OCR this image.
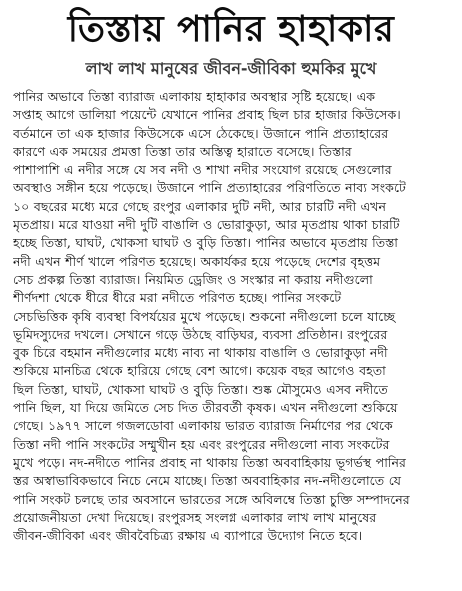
তিস্তায় পানির হাহাকার
লাখ লাখ মানুষের জীবন-জীবিকা হুমকির মুখে

পানির অভাবে তিস্তা ব্যারাজ এলাকায় হাহাকার অবস্থার সৃষ্টি হয়েছে। এক
সপ্তাহ আগে ডালিয়া পয়েন্টে যেখানে পানির প্রবাহ ছিল চার হাজার কিউসেক।
বর্তমানে তা এক হাজার কিউসেকে এসে ঠেকেছে। উজানে পানি প্রত্যাহারের
কারণে এক সময়ের প্রমত্তা তিস্তা তার অস্তিত্ব হারাতে বসেছে। তিস্তার
পাশাপাশি এ নদীর সঙ্গে যে সব নদী ও শাখা নদীর সংযোগ রয়েছে সেগুলোর
অবস্থাও সঙ্গীন হয়ে পড়েছে। উজানে পানি প্রত্যাহারের পরিণতিতে নাব্য সংকটে
১০ বছরের মধ্যে মরে গেছে রংপুর এলাকার দুটি নদী, আর চারটি নদী এখন
মৃতপ্রায়। মরে যাওয়া নদী দুটি বাঙালি ও ভোরাকুড়া, আর মৃতপ্রায় থাকা চারটি
হচ্ছে তিস্তা, ঘাঘট, খোকসা ঘাঘট ও বুড়ি তিস্তা। পানির অভাবে মৃতপ্রায় তিস্তা
নদী এখন শীর্ণ খালে পরিণত হয়েছে। অকার্যকর হয়ে পড়েছে দেশের বৃহত্তম
সেচ প্রকল্প তিস্তা ব্যারাজ। নিয়মিত ড্রেজিং ও সংস্কার না করায় নদীগুলো
শীর্ণদশা থেকে ধীরে ধীরে মরা নদীতে পরিণত হচ্ছে। পানির সংকটে
সেচভিত্তিক কৃষি ব্যবস্থা বিপর্যয়ের মুখে পড়েছে। শুকনো নদীগুলো চলে যাচ্ছে
ভূমিদস্যুদের দখলে। সেখানে গড়ে উঠছে বাড়িঘর, ব্যবসা প্রতিষ্ঠান। রংপুরের
বুক চিরে বহমান নদীগুলোর মধ্যে নাব্য না থাকায় বাঙালি ও ভোরাকুড়া নদী
শুকিয়ে মানচিত্র থেকে হারিয়ে গেছে বেশ আগে। কয়েক বছর আগেও বহতা
ছিল তিস্তা, ঘাঘট, খোকসা ঘাঘট ও বুড়ি তিস্তা। শুষ্ক মৌসুমেও এসব নদীতে
পানি ছিল, যা দিয়ে জমিতে সেচ দিত তীরবর্তী কৃষক। এখন নদীগুলো শুকিয়ে
গেছে। ১৯৭৭ সালে গজলডোবা এলাকায় ভারত ব্যারাজ নির্মাণের পর থেকে
তিস্তা নদী পানি সংকটের সম্মুখীন হয় এবং রংপুরের নদীগুলো নাব্য সংকটের
মুখে পড়ে। নদ-নদীতে পানির প্রবাহ না থাকায় তিস্তা অববাহিকায় ভূগর্ভস্থ পানির
স্তর অস্বাভাবিকভাবে নিচে নেমে যাচ্ছে। তিস্তা অববাহিকার নদ-নদীগুলোতে যে
পানি সংকট চলছে তার অবসানে ভারতের সঙ্গে অবিলম্বে তিস্তা চুক্তি সম্পাদনের
প্রয়োজনীয়তা দেখা দিয়েছে। রংপুরসহ সংলগ্ন এলাকার লাখ লাখ মানুষের
জীবন-জীবিকা এবং জীববৈচিত্র্য রক্ষায় এ ব্যাপারে উদ্যোগ নিতে হবে।
